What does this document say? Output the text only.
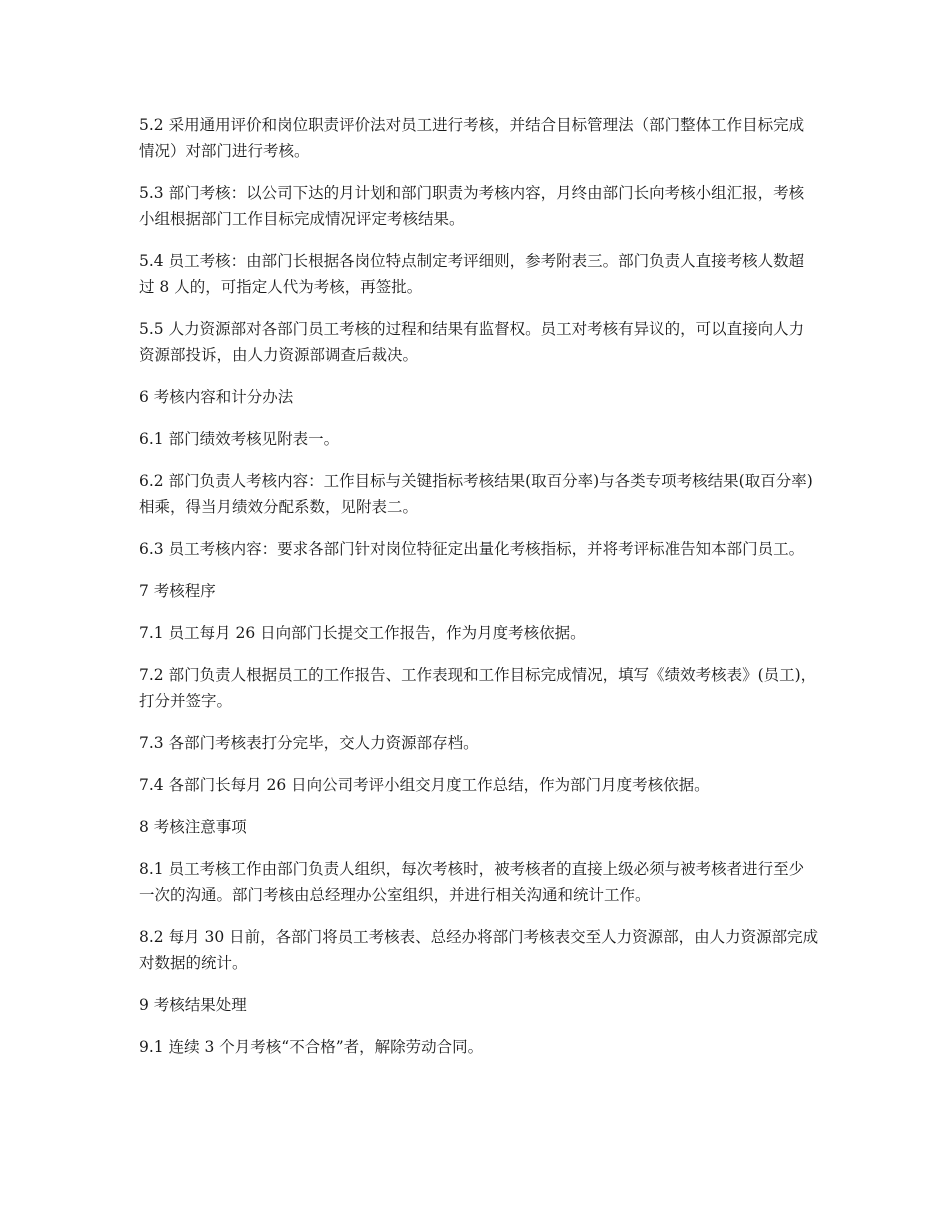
5.2 采用通用评价和岗位职责评价法对员工进行考核，并结合目标管理法（部门整体工作目标完成情况）对部门进行考核。

5.3 部门考核：以公司下达的月计划和部门职责为考核内容，月终由部门长向考核小组汇报，考核小组根据部门工作目标完成情况评定考核结果。

5.4 员工考核：由部门长根据各岗位特点制定考评细则，参考附表三。部门负责人直接考核人数超过 8 人的，可指定人代为考核，再签批。

5.5 人力资源部对各部门员工考核的过程和结果有监督权。员工对考核有异议的，可以直接向人力资源部投诉，由人力资源部调查后裁决。

6 考核内容和计分办法

6.1 部门绩效考核见附表一。

6.2 部门负责人考核内容：工作目标与关键指标考核结果(取百分率)与各类专项考核结果(取百分率)相乘，得当月绩效分配系数，见附表二。

6.3 员工考核内容：要求各部门针对岗位特征定出量化考核指标，并将考评标准告知本部门员工。

7 考核程序

7.1 员工每月 26 日向部门长提交工作报告，作为月度考核依据。

7.2 部门负责人根据员工的工作报告、工作表现和工作目标完成情况，填写《绩效考核表》(员工)，打分并签字。

7.3 各部门考核表打分完毕，交人力资源部存档。

7.4 各部门长每月 26 日向公司考评小组交月度工作总结，作为部门月度考核依据。

8 考核注意事项

8.1 员工考核工作由部门负责人组织，每次考核时，被考核者的直接上级必须与被考核者进行至少一次的沟通。部门考核由总经理办公室组织，并进行相关沟通和统计工作。

8.2 每月 30 日前，各部门将员工考核表、总经办将部门考核表交至人力资源部，由人力资源部完成对数据的统计。

9 考核结果处理

9.1 连续 3 个月考核“不合格”者，解除劳动合同。
